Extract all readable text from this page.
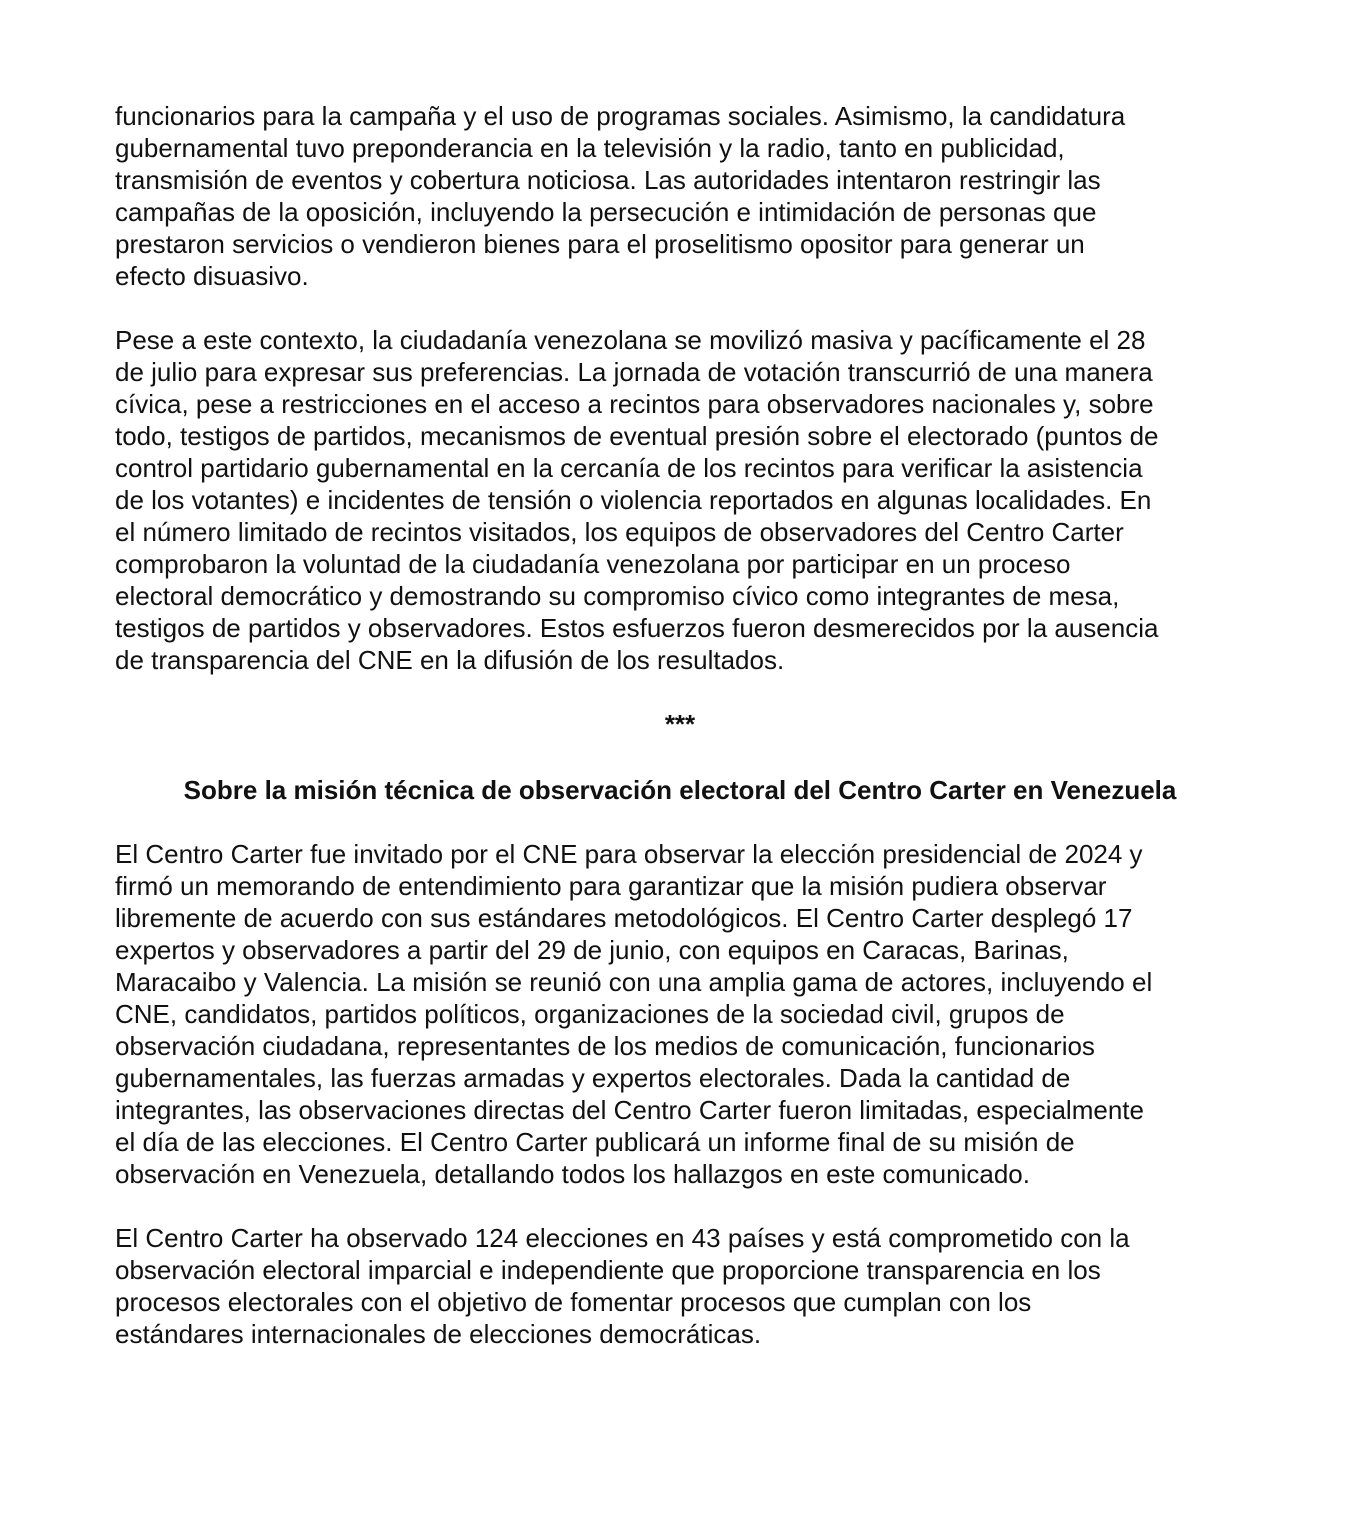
funcionarios para la campaña y el uso de programas sociales. Asimismo, la candidatura
gubernamental tuvo preponderancia en la televisión y la radio, tanto en publicidad,
transmisión de eventos y cobertura noticiosa. Las autoridades intentaron restringir las
campañas de la oposición, incluyendo la persecución e intimidación de personas que
prestaron servicios o vendieron bienes para el proselitismo opositor para generar un
efecto disuasivo.

Pese a este contexto, la ciudadanía venezolana se movilizó masiva y pacíficamente el 28
de julio para expresar sus preferencias. La jornada de votación transcurrió de una manera
cívica, pese a restricciones en el acceso a recintos para observadores nacionales y, sobre
todo, testigos de partidos, mecanismos de eventual presión sobre el electorado (puntos de
control partidario gubernamental en la cercanía de los recintos para verificar la asistencia
de los votantes) e incidentes de tensión o violencia reportados en algunas localidades. En
el número limitado de recintos visitados, los equipos de observadores del Centro Carter
comprobaron la voluntad de la ciudadanía venezolana por participar en un proceso
electoral democrático y demostrando su compromiso cívico como integrantes de mesa,
testigos de partidos y observadores. Estos esfuerzos fueron desmerecidos por la ausencia
de transparencia del CNE en la difusión de los resultados.

***
Sobre la misión técnica de observación electoral del Centro Carter en Venezuela

El Centro Carter fue invitado por el CNE para observar la elección presidencial de 2024 y
firmó un memorando de entendimiento para garantizar que la misión pudiera observar
libremente de acuerdo con sus estándares metodológicos. El Centro Carter desplegó 17
expertos y observadores a partir del 29 de junio, con equipos en Caracas, Barinas,
Maracaibo y Valencia. La misión se reunió con una amplia gama de actores, incluyendo el
CNE, candidatos, partidos políticos, organizaciones de la sociedad civil, grupos de
observación ciudadana, representantes de los medios de comunicación, funcionarios
gubernamentales, las fuerzas armadas y expertos electorales. Dada la cantidad de
integrantes, las observaciones directas del Centro Carter fueron limitadas, especialmente
el día de las elecciones. El Centro Carter publicará un informe final de su misión de
observación en Venezuela, detallando todos los hallazgos en este comunicado.

El Centro Carter ha observado 124 elecciones en 43 países y está comprometido con la
observación electoral imparcial e independiente que proporcione transparencia en los
procesos electorales con el objetivo de fomentar procesos que cumplan con los
estándares internacionales de elecciones democráticas.
